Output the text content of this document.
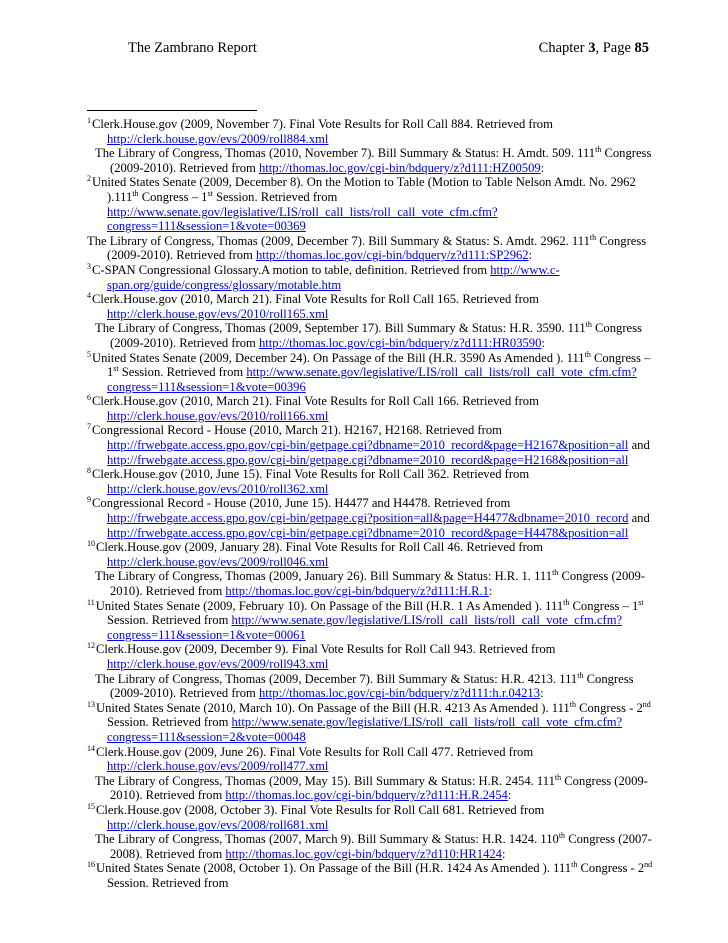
The Zambrano Report	Chapter 3, Page 85

$^1$Clerk.House.gov (2009, November 7). Final Vote Results for Roll Call 884. Retrieved from http://clerk.house.gov/evs/2009/roll884.xml

The Library of Congress, Thomas (2010, November 7). Bill Summary & Status: H. Amdt. 509. 111th Congress (2009-2010). Retrieved from http://thomas.loc.gov/cgi-bin/bdquery/z?d111:HZ00509:

$^2$United States Senate (2009, December 8). On the Motion to Table (Motion to Table Nelson Amdt. No. 2962 ).111th Congress – 1st Session. Retrieved from http://www.senate.gov/legislative/LIS/roll_call_lists/roll_call_vote_cfm.cfm?congress=111&session=1&vote=00369

The Library of Congress, Thomas (2009, December 7). Bill Summary & Status: S. Amdt. 2962. 111th Congress (2009-2010). Retrieved from http://thomas.loc.gov/cgi-bin/bdquery/z?d111:SP2962:

$^3$C-SPAN Congressional Glossary.A motion to table, definition. Retrieved from http://www.c-span.org/guide/congress/glossary/motable.htm

$^4$Clerk.House.gov (2010, March 21). Final Vote Results for Roll Call 165. Retrieved from http://clerk.house.gov/evs/2010/roll165.xml

The Library of Congress, Thomas (2009, September 17). Bill Summary & Status: H.R. 3590. 111th Congress (2009-2010). Retrieved from http://thomas.loc.gov/cgi-bin/bdquery/z?d111:HR03590:

$^5$United States Senate (2009, December 24). On Passage of the Bill (H.R. 3590 As Amended ). 111th Congress – 1st Session. Retrieved from http://www.senate.gov/legislative/LIS/roll_call_lists/roll_call_vote_cfm.cfm?congress=111&session=1&vote=00396

$^6$Clerk.House.gov (2010, March 21). Final Vote Results for Roll Call 166. Retrieved from http://clerk.house.gov/evs/2010/roll166.xml

$^7$Congressional Record - House (2010, March 21). H2167, H2168. Retrieved from http://frwebgate.access.gpo.gov/cgi-bin/getpage.cgi?dbname=2010_record&page=H2167&position=all and http://frwebgate.access.gpo.gov/cgi-bin/getpage.cgi?dbname=2010_record&page=H2168&position=all

$^8$Clerk.House.gov (2010, June 15). Final Vote Results for Roll Call 362. Retrieved from http://clerk.house.gov/evs/2010/roll362.xml

$^9$Congressional Record - House (2010, June 15). H4477 and H4478. Retrieved from http://frwebgate.access.gpo.gov/cgi-bin/getpage.cgi?position=all&page=H4477&dbname=2010_record and http://frwebgate.access.gpo.gov/cgi-bin/getpage.cgi?dbname=2010_record&page=H4478&position=all

$^{10}$Clerk.House.gov (2009, January 28). Final Vote Results for Roll Call 46. Retrieved from http://clerk.house.gov/evs/2009/roll046.xml

The Library of Congress, Thomas (2009, January 26). Bill Summary & Status: H.R. 1. 111th Congress (2009-2010). Retrieved from http://thomas.loc.gov/cgi-bin/bdquery/z?d111:H.R.1:

$^{11}$United States Senate (2009, February 10). On Passage of the Bill (H.R. 1 As Amended ). 111th Congress – 1st Session. Retrieved from http://www.senate.gov/legislative/LIS/roll_call_lists/roll_call_vote_cfm.cfm?congress=111&session=1&vote=00061

$^{12}$Clerk.House.gov (2009, December 9). Final Vote Results for Roll Call 943. Retrieved from http://clerk.house.gov/evs/2009/roll943.xml

The Library of Congress, Thomas (2009, December 7). Bill Summary & Status: H.R. 4213. 111th Congress (2009-2010). Retrieved from http://thomas.loc.gov/cgi-bin/bdquery/z?d111:h.r.04213:

$^{13}$United States Senate (2010, March 10). On Passage of the Bill (H.R. 4213 As Amended ). 111th Congress - 2nd Session. Retrieved from http://www.senate.gov/legislative/LIS/roll_call_lists/roll_call_vote_cfm.cfm?congress=111&session=2&vote=00048

$^{14}$Clerk.House.gov (2009, June 26). Final Vote Results for Roll Call 477. Retrieved from http://clerk.house.gov/evs/2009/roll477.xml

The Library of Congress, Thomas (2009, May 15). Bill Summary & Status: H.R. 2454. 111th Congress (2009-2010). Retrieved from http://thomas.loc.gov/cgi-bin/bdquery/z?d111:H.R.2454:

$^{15}$Clerk.House.gov (2008, October 3). Final Vote Results for Roll Call 681. Retrieved from http://clerk.house.gov/evs/2008/roll681.xml

The Library of Congress, Thomas (2007, March 9). Bill Summary & Status: H.R. 1424. 110th Congress (2007-2008). Retrieved from http://thomas.loc.gov/cgi-bin/bdquery/z?d110:HR1424:

$^{16}$United States Senate (2008, October 1). On Passage of the Bill (H.R. 1424 As Amended ). 111th Congress - 2nd Session. Retrieved from
